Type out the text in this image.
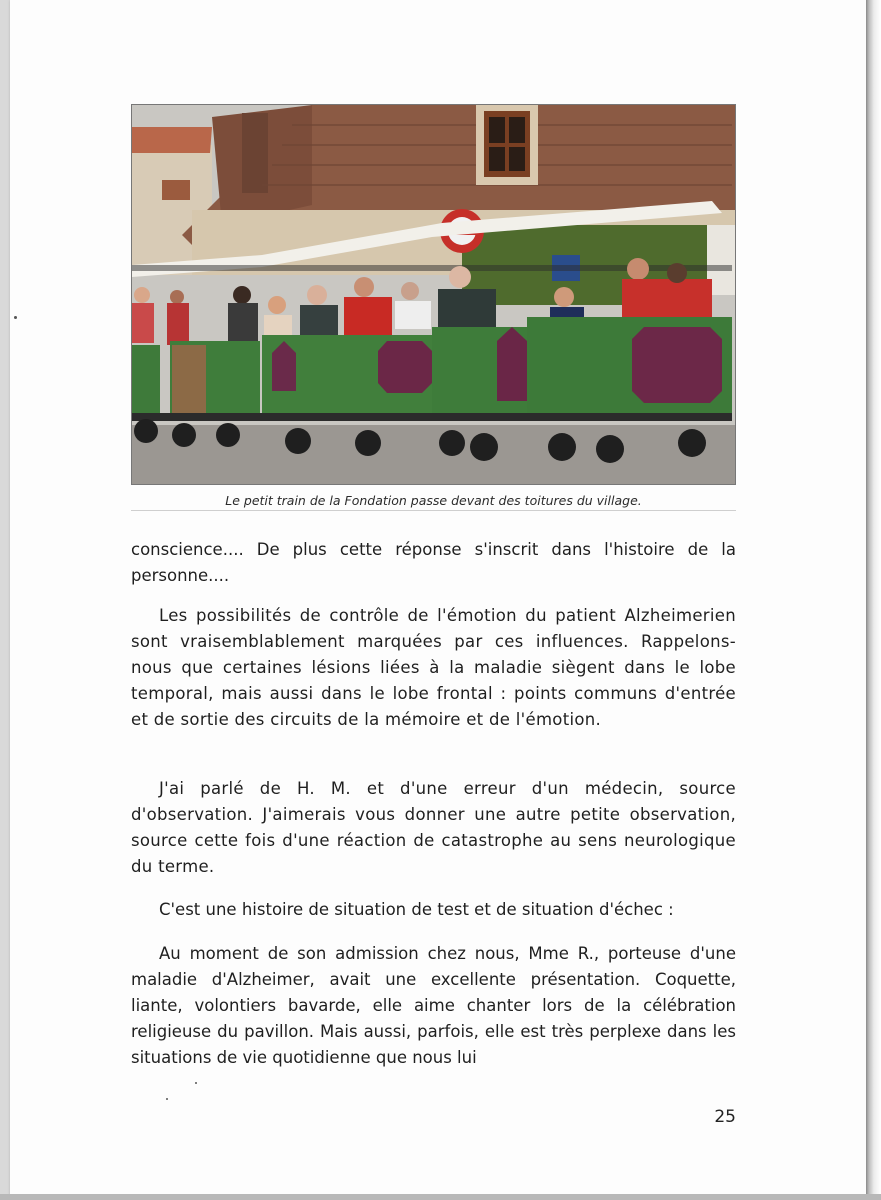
Le petit train de la Fondation passe devant des toitures du village.

conscience.... De plus cette réponse s'inscrit dans l'histoire de la personne....

Les possibilités de contrôle de l'émotion du patient Alzheimerien sont vraisemblablement marquées par ces influences. Rappelons-nous que certaines lésions liées à la maladie siègent dans le lobe temporal, mais aussi dans le lobe frontal : points communs d'entrée et de sortie des circuits de la mémoire et de l'émotion.

J'ai parlé de H. M. et d'une erreur d'un médecin, source d'observation. J'aimerais vous donner une autre petite observation, source cette fois d'une réaction de catastrophe au sens neurologique du terme.

C'est une histoire de situation de test et de situation d'échec :

Au moment de son admission chez nous, Mme R., porteuse d'une maladie d'Alzheimer, avait une excellente présentation. Coquette, liante, volontiers bavarde, elle aime chanter lors de la célébration religieuse du pavillon. Mais aussi, parfois, elle est très perplexe dans les situations de vie quotidienne que nous lui

25
